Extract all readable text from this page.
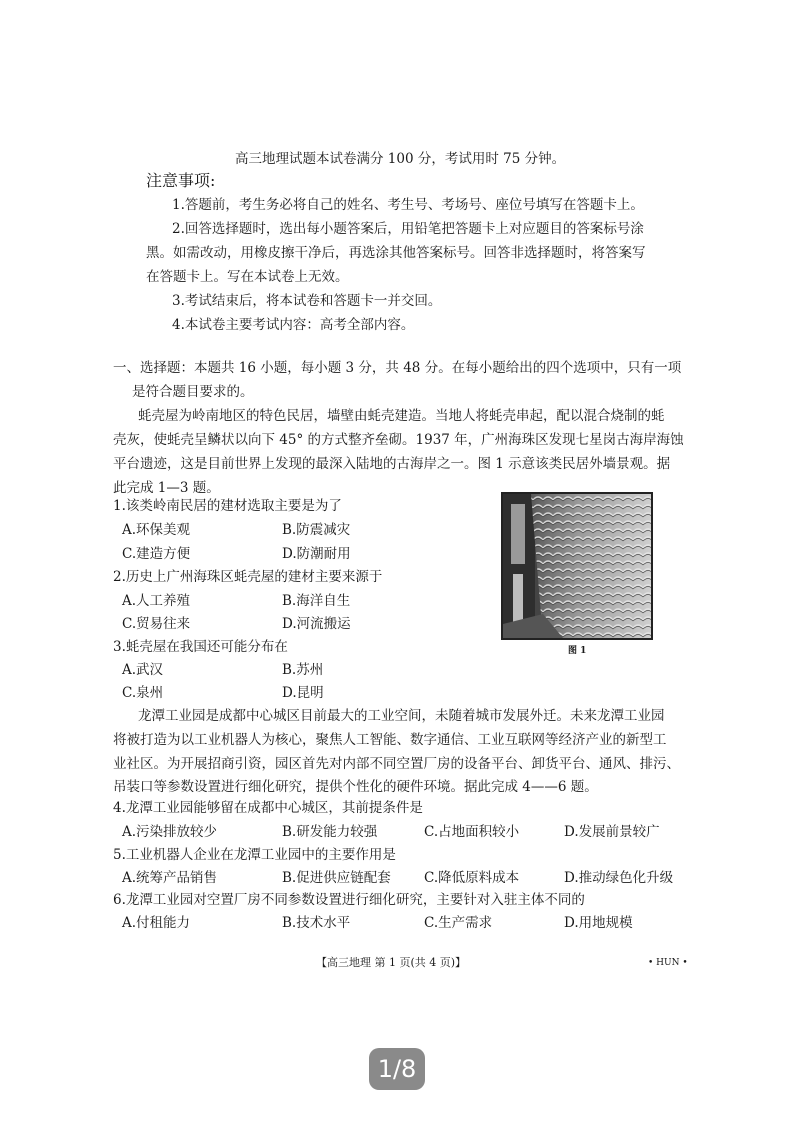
高三地理试题本试卷满分 100 分，考试用时 75 分钟。
注意事项:
1.答题前，考生务必将自己的姓名、考生号、考场号、座位号填写在答题卡上。
2.回答选择题时，选出每小题答案后，用铅笔把答题卡上对应题目的答案标号涂
黑。如需改动，用橡皮擦干净后，再选涂其他答案标号。回答非选择题时，将答案写
在答题卡上。写在本试卷上无效。
3.考试结束后，将本试卷和答题卡一并交回。
4.本试卷主要考试内容：高考全部内容。
一、选择题：本题共 16 小题，每小题 3 分，共 48 分。在每小题给出的四个选项中，只有一项
是符合题目要求的。
蚝壳屋为岭南地区的特色民居，墙壁由蚝壳建造。当地人将蚝壳串起，配以混合烧制的蚝
壳灰，使蚝壳呈鳞状以向下 45° 的方式整齐垒砌。1937 年，广州海珠区发现七星岗古海岸海蚀
平台遗迹，这是目前世界上发现的最深入陆地的古海岸之一。图 1 示意该类民居外墙景观。据
此完成 1—3 题。
1.该类岭南民居的建材选取主要是为了
A.环保美观	B.防震减灾
C.建造方便	D.防潮耐用
2.历史上广州海珠区蚝壳屋的建材主要来源于
A.人工养殖	B.海洋自生
C.贸易往来	D.河流搬运
3.蚝壳屋在我国还可能分布在
A.武汉	B.苏州
C.泉州	D.昆明
图 1
龙潭工业园是成都中心城区目前最大的工业空间，未随着城市发展外迁。未来龙潭工业园
将被打造为以工业机器人为核心，聚焦人工智能、数字通信、工业互联网等经济产业的新型工
业社区。为开展招商引资，园区首先对内部不同空置厂房的设备平台、卸货平台、通风、排污、
吊装口等参数设置进行细化研究，提供个性化的硬件环境。据此完成 4——6 题。
4.龙潭工业园能够留在成都中心城区，其前提条件是
A.污染排放较少	B.研发能力较强	C.占地面积较小	D.发展前景较广
5.工业机器人企业在龙潭工业园中的主要作用是
A.统筹产品销售	B.促进供应链配套 C.降低原料成本	D.推动绿色化升级
6.龙潭工业园对空置厂房不同参数设置进行细化研究，主要针对入驻主体不同的
A.付租能力	B.技术水平	C.生产需求	D.用地规模
【高三地理 第 1 页(共 4 页)】	• HUN •
1/8
